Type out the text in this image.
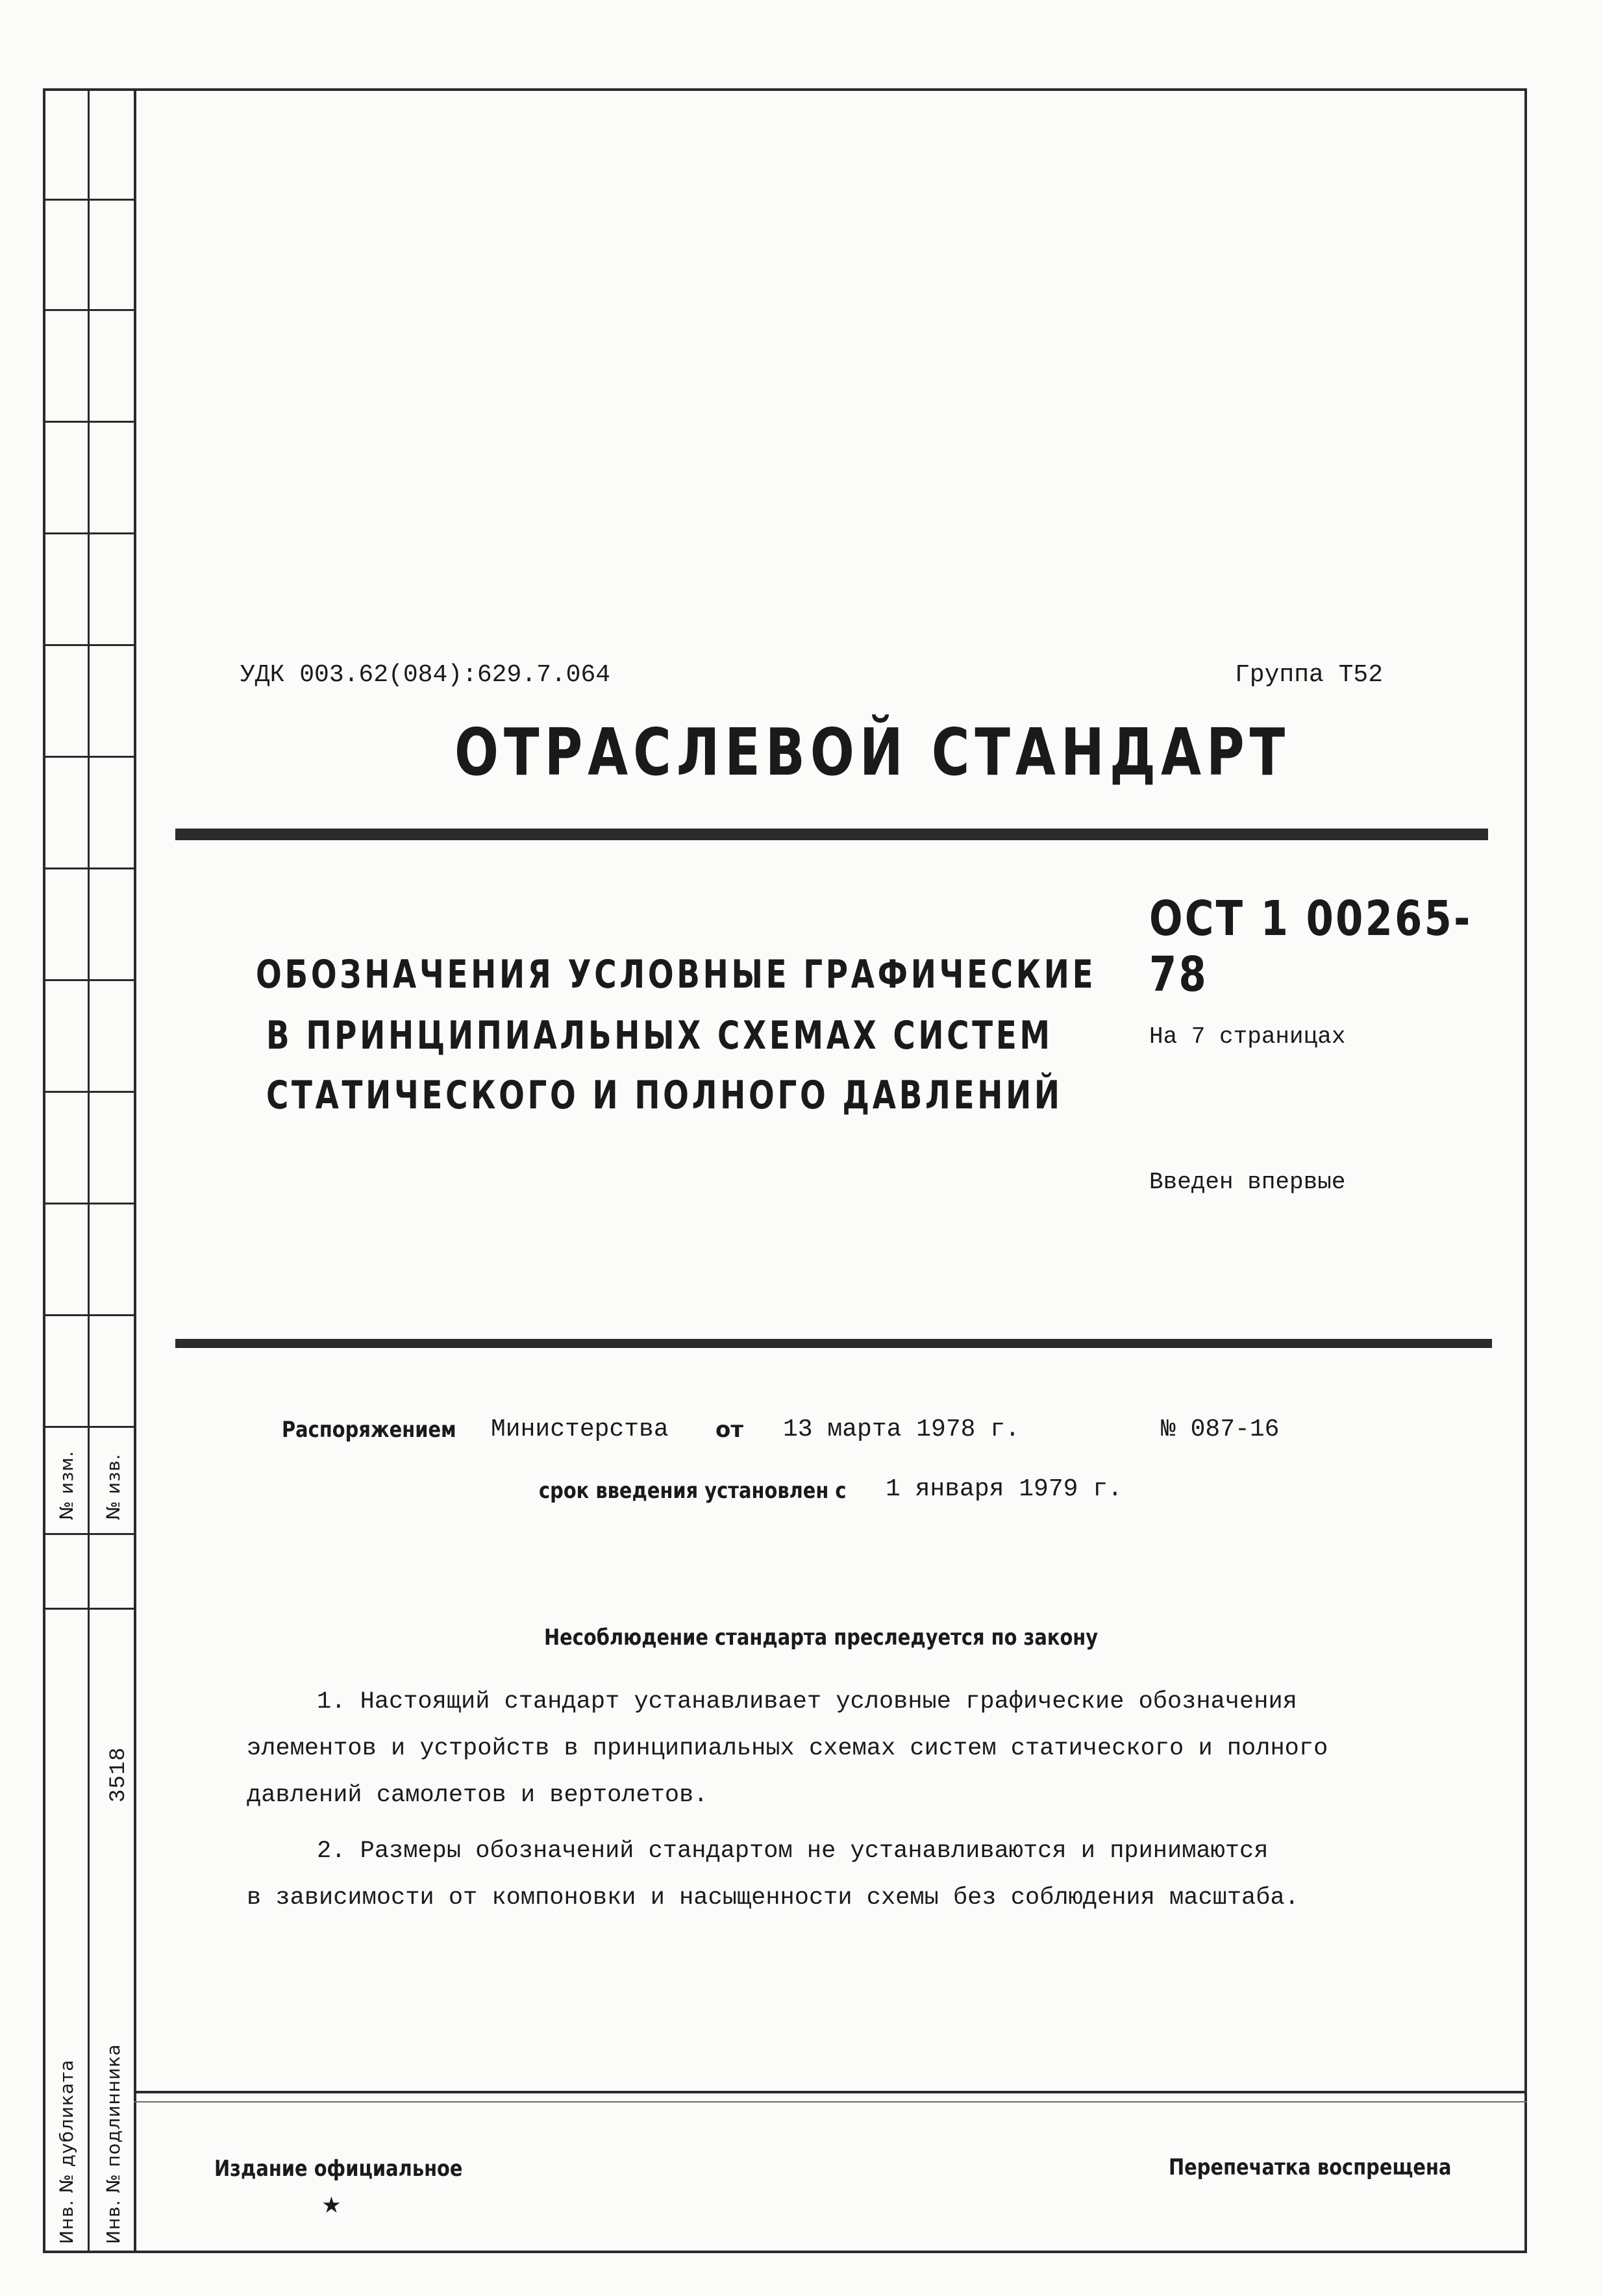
№ изм. № изв.
Инв. № дубликата Инв. № подлинника
3518
УДК 003.62(084):629.7.064	Группа Т52
ОТРАСЛЕВОЙ СТАНДАРТ
ОСТ 1 00265-78
ОБОЗНАЧЕНИЯ УСЛОВНЫЕ ГРАФИЧЕСКИЕ
В ПРИНЦИПИАЛЬНЫХ СХЕМАХ СИСТЕМ
СТАТИЧЕСКОГО И ПОЛНОГО ДАВЛЕНИЙ
На 7 страницах
Введен впервые
Распоряжением Министерства от 13 марта 1978 г.	№ 087-16
срок введения установлен с 1 января 1979 г.
Несоблюдение стандарта преследуется по закону
1. Настоящий стандарт устанавливает условные графические обозначения
элементов и устройств в принципиальных схемах систем статического и полного
давлений самолетов и вертолетов.
2. Размеры обозначений стандартом не устанавливаются и принимаются
в зависимости от компоновки и насыщенности схемы без соблюдения масштаба.
Издание официальное	Перепечатка воспрещена
★
